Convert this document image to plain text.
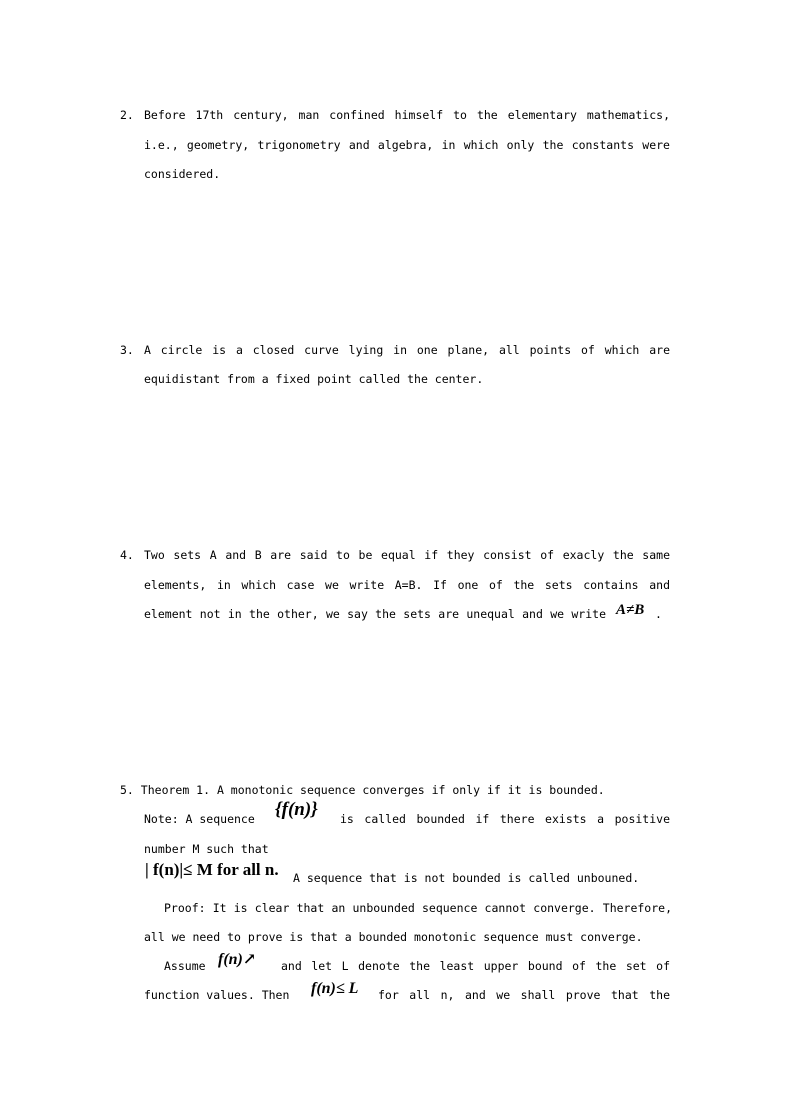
2. Before 17th century, man confined himself to the elementary mathematics,
i.e., geometry, trigonometry and algebra, in which only the constants were
considered.
3. A circle is a closed curve lying in one plane, all points of which are
equidistant from a fixed point called the center.
4. Two sets A and B are said to be equal if they consist of exacly the same
elements, in which case we write A=B. If one of the sets contains and
element not in the other, we say the sets are unequal and we write A≠B .
5. Theorem 1. A monotonic sequence converges if only if it is bounded.
Note: A sequence {f(n)} is called bounded if there exists a positive
number M such that
| f(n)|≤ M for all n. A sequence that is not bounded is called unbouned.
Proof: It is clear that an unbounded sequence cannot converge. Therefore,
all we need to prove is that a bounded monotonic sequence must converge.
Assume f(n)↗ and let L denote the least upper bound of the set of
function values. Then f(n)≤ L for all n, and we shall prove that the
